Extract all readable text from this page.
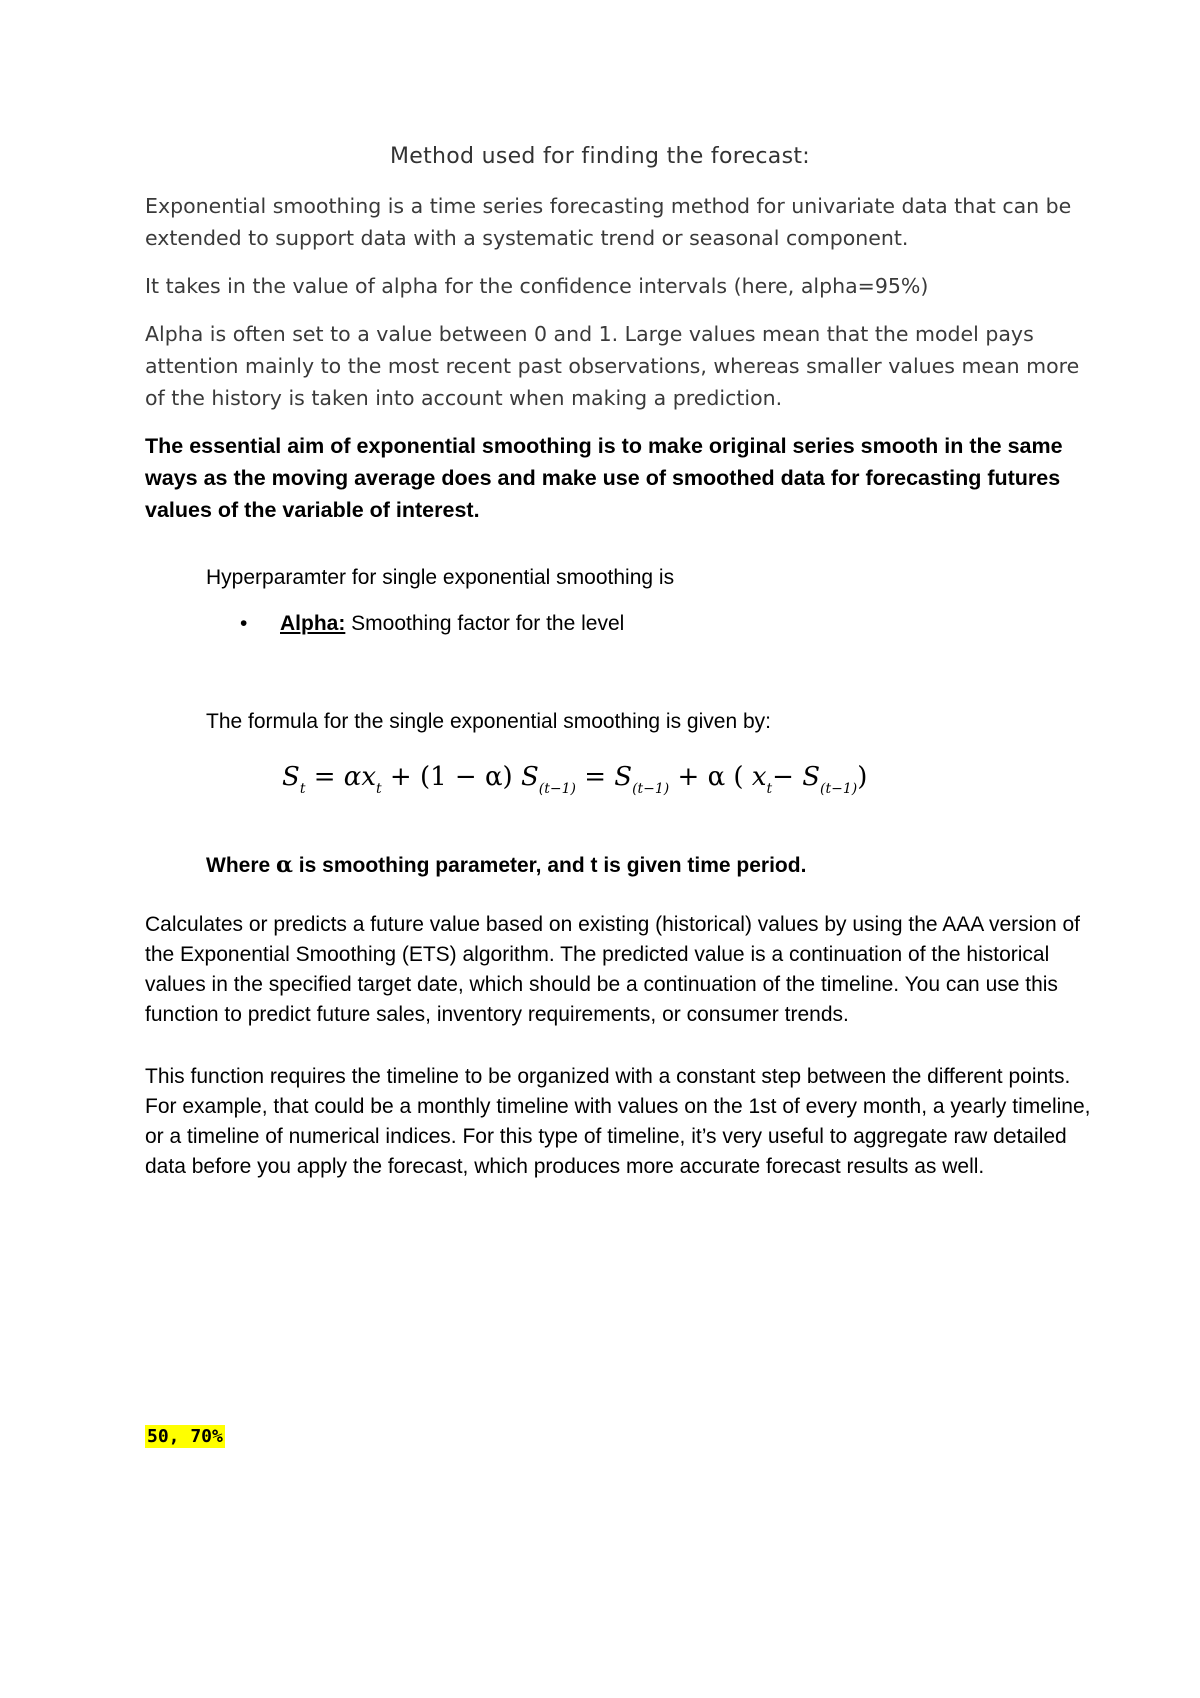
Method used for finding the forecast:
Exponential smoothing is a time series forecasting method for univariate data that can be extended to support data with a systematic trend or seasonal component.
It takes in the value of alpha for the confidence intervals (here, alpha=95%)
Alpha is often set to a value between 0 and 1. Large values mean that the model pays attention mainly to the most recent past observations, whereas smaller values mean more of the history is taken into account when making a prediction.
The essential aim of exponential smoothing is to make original series smooth in the same ways as the moving average does and make use of smoothed data for forecasting futures values of the variable of interest.
Hyperparamter for single exponential smoothing is
• Alpha: Smoothing factor for the level
The formula for the single exponential smoothing is given by:
$S_t = \alpha x_t + (1 - \alpha) S_{(t-1)} = S_{(t-1)} + \alpha$ ( $x_t- S_{(t-1)}$)
Where α is smoothing parameter, and t is given time period.
Calculates or predicts a future value based on existing (historical) values by using the AAA version of the Exponential Smoothing (ETS) algorithm. The predicted value is a continuation of the historical values in the specified target date, which should be a continuation of the timeline. You can use this function to predict future sales, inventory requirements, or consumer trends.
This function requires the timeline to be organized with a constant step between the different points. For example, that could be a monthly timeline with values on the 1st of every month, a yearly timeline, or a timeline of numerical indices. For this type of timeline, it’s very useful to aggregate raw detailed data before you apply the forecast, which produces more accurate forecast results as well.
50, 70%
